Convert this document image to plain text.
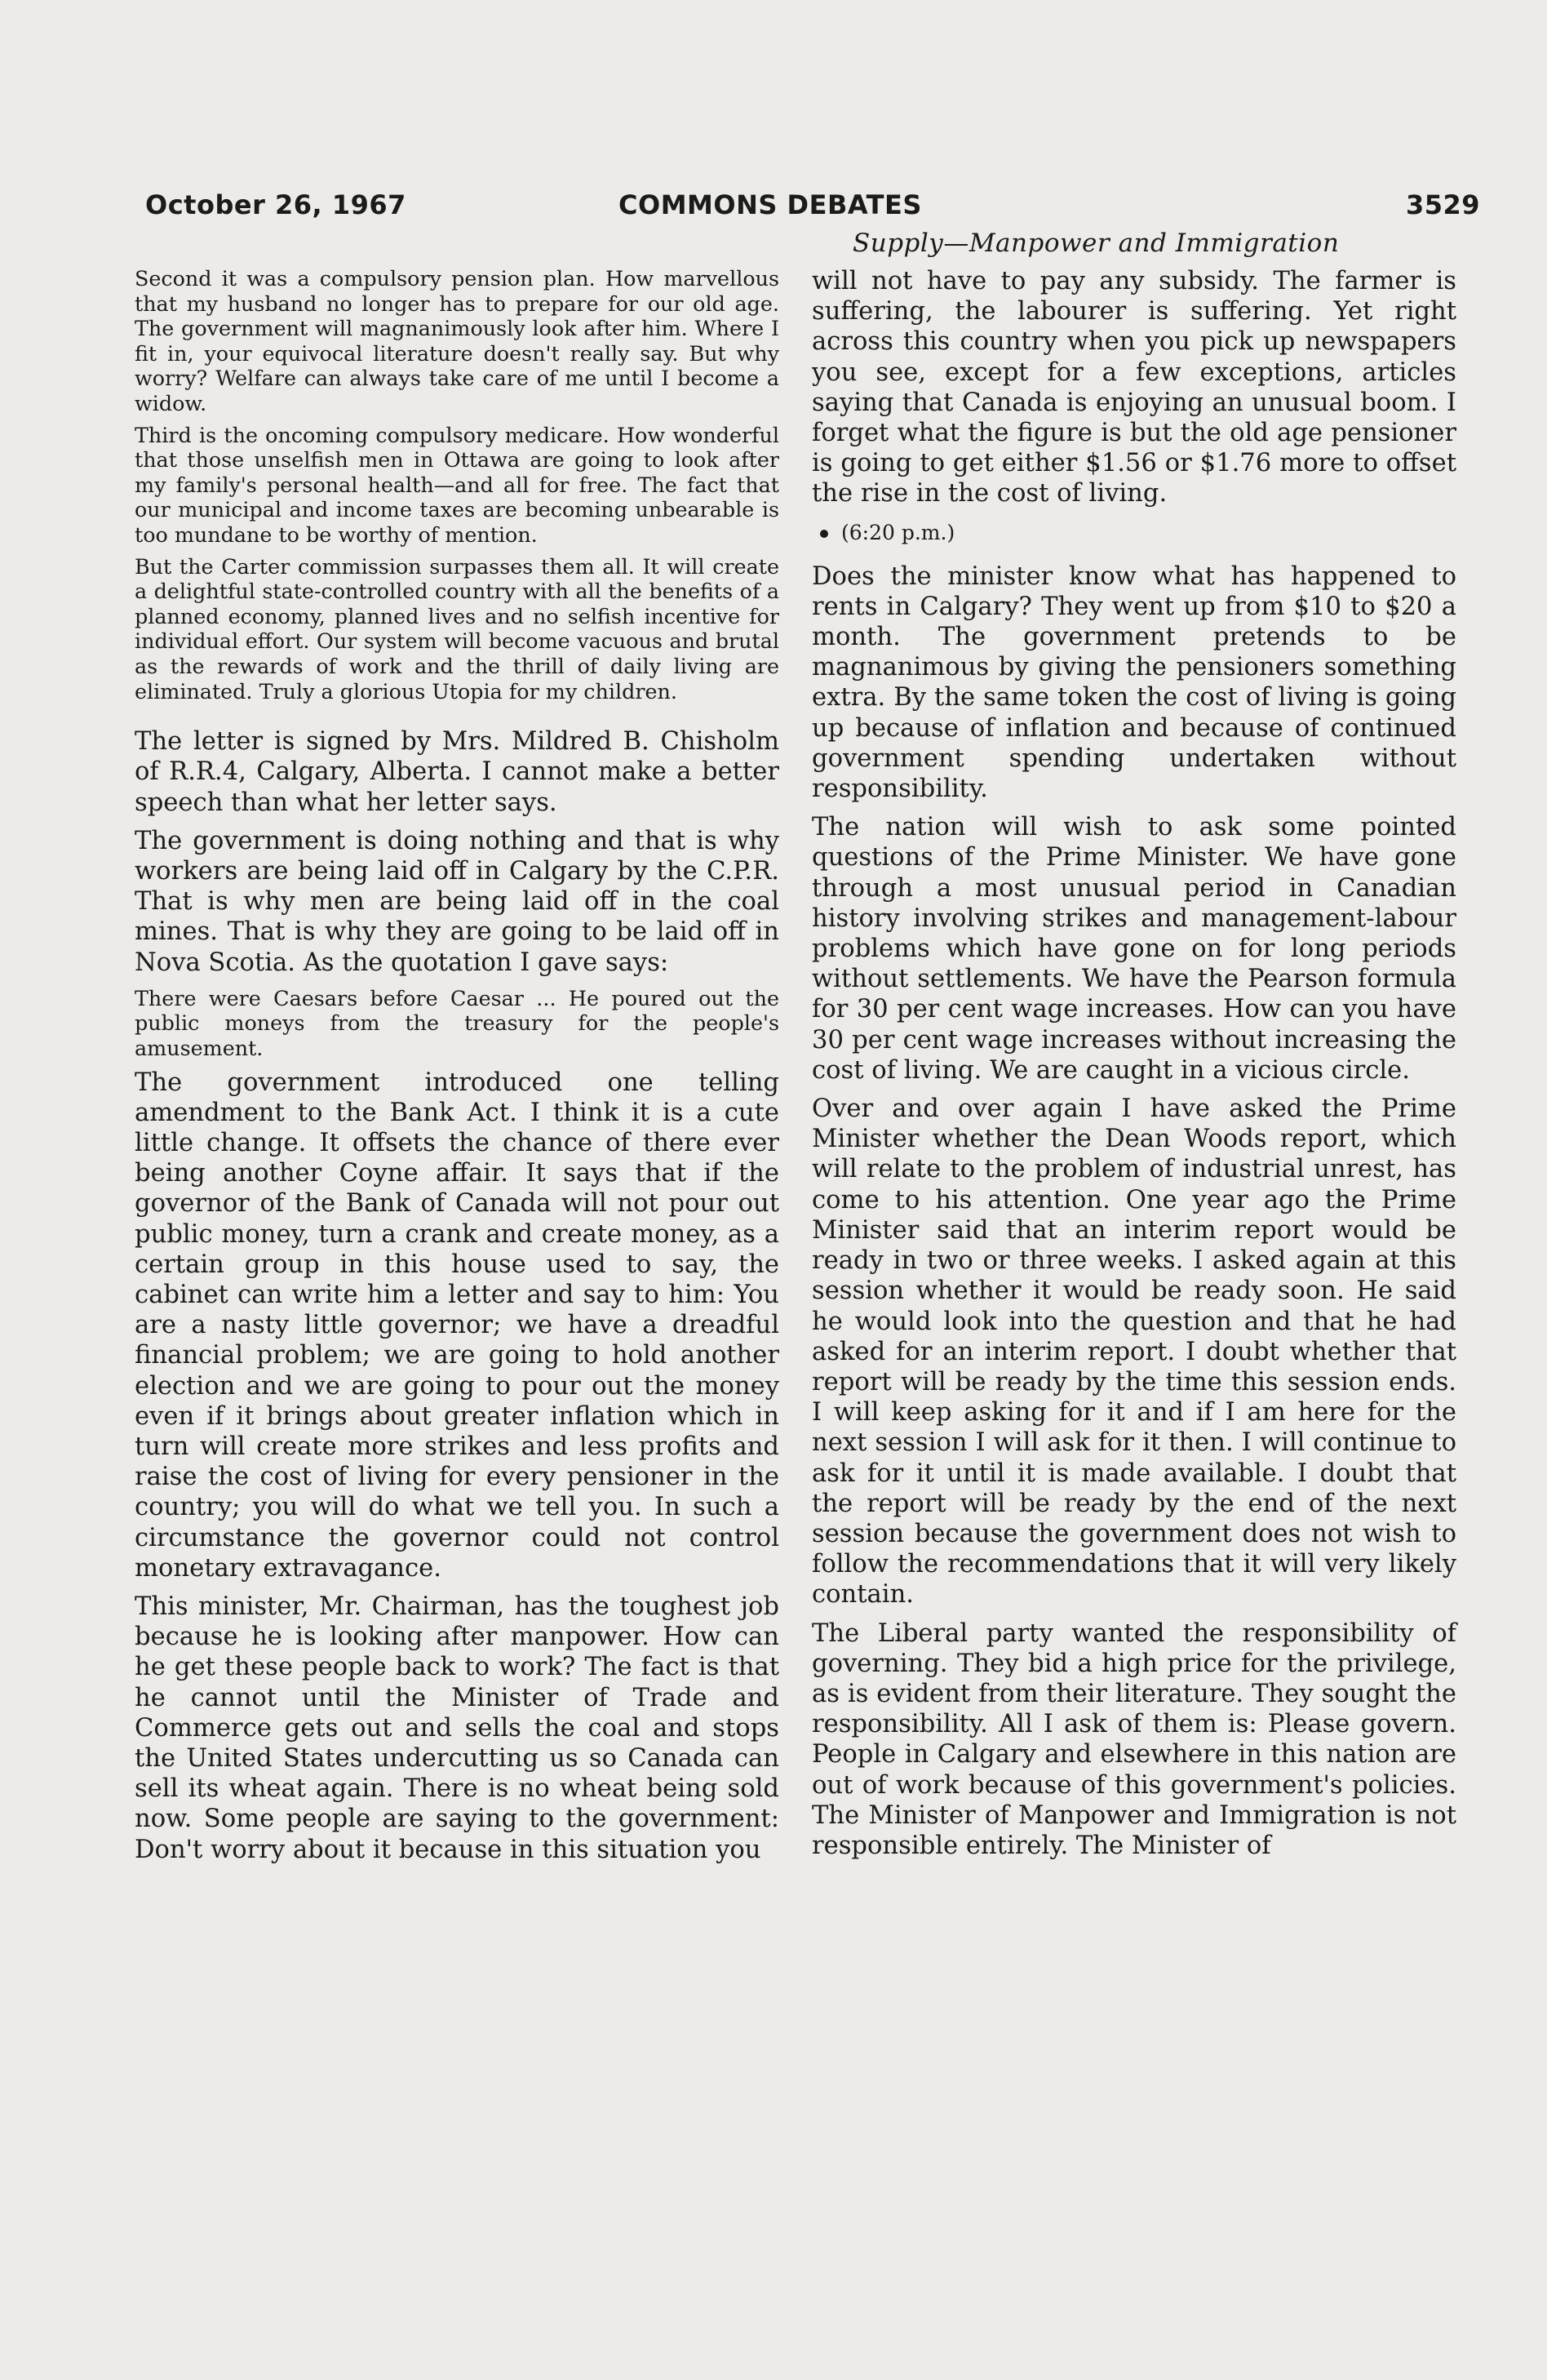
October 26, 1967	COMMONS DEBATES	3529
Supply—Manpower and Immigration

Second it was a compulsory pension plan. How marvellous that my husband no longer has to prepare for our old age. The government will magnanimously look after him. Where I fit in, your equivocal literature doesn't really say. But why worry? Welfare can always take care of me until I become a widow.

Third is the oncoming compulsory medicare. How wonderful that those unselfish men in Ottawa are going to look after my family's personal health—and all for free. The fact that our municipal and income taxes are becoming unbearable is too mundane to be worthy of mention.

But the Carter commission surpasses them all. It will create a delightful state-controlled country with all the benefits of a planned economy, planned lives and no selfish incentive for individual effort. Our system will become vacuous and brutal as the rewards of work and the thrill of daily living are eliminated. Truly a glorious Utopia for my children.

The letter is signed by Mrs. Mildred B. Chisholm of R.R.4, Calgary, Alberta. I cannot make a better speech than what her letter says.

The government is doing nothing and that is why workers are being laid off in Calgary by the C.P.R. That is why men are being laid off in the coal mines. That is why they are going to be laid off in Nova Scotia. As the quotation I gave says:

There were Caesars before Caesar ... He poured out the public moneys from the treasury for the people's amusement.

The government introduced one telling amendment to the Bank Act. I think it is a cute little change. It offsets the chance of there ever being another Coyne affair. It says that if the governor of the Bank of Canada will not pour out public money, turn a crank and create money, as a certain group in this house used to say, the cabinet can write him a letter and say to him: You are a nasty little governor; we have a dreadful financial problem; we are going to hold another election and we are going to pour out the money even if it brings about greater inflation which in turn will create more strikes and less profits and raise the cost of living for every pensioner in the country; you will do what we tell you. In such a circumstance the governor could not control monetary extravagance.

This minister, Mr. Chairman, has the toughest job because he is looking after manpower. How can he get these people back to work? The fact is that he cannot until the Minister of Trade and Commerce gets out and sells the coal and stops the United States undercutting us so Canada can sell its wheat again. There is no wheat being sold now. Some people are saying to the government: Don't worry about it because in this situation you

will not have to pay any subsidy. The farmer is suffering, the labourer is suffering. Yet right across this country when you pick up newspapers you see, except for a few exceptions, articles saying that Canada is enjoying an unusual boom. I forget what the figure is but the old age pensioner is going to get either $1.56 or $1.76 more to offset the rise in the cost of living.

(6:20 p.m.)

Does the minister know what has happened to rents in Calgary? They went up from $10 to $20 a month. The government pretends to be magnanimous by giving the pensioners something extra. By the same token the cost of living is going up because of inflation and because of continued government spending undertaken without responsibility.

The nation will wish to ask some pointed questions of the Prime Minister. We have gone through a most unusual period in Canadian history involving strikes and management-labour problems which have gone on for long periods without settlements. We have the Pearson formula for 30 per cent wage increases. How can you have 30 per cent wage increases without increasing the cost of living. We are caught in a vicious circle.

Over and over again I have asked the Prime Minister whether the Dean Woods report, which will relate to the problem of industrial unrest, has come to his attention. One year ago the Prime Minister said that an interim report would be ready in two or three weeks. I asked again at this session whether it would be ready soon. He said he would look into the question and that he had asked for an interim report. I doubt whether that report will be ready by the time this session ends. I will keep asking for it and if I am here for the next session I will ask for it then. I will continue to ask for it until it is made available. I doubt that the report will be ready by the end of the next session because the government does not wish to follow the recommendations that it will very likely contain.

The Liberal party wanted the responsibility of governing. They bid a high price for the privilege, as is evident from their literature. They sought the responsibility. All I ask of them is: Please govern. People in Calgary and elsewhere in this nation are out of work because of this government's policies. The Minister of Manpower and Immigration is not responsible entirely. The Minister of
